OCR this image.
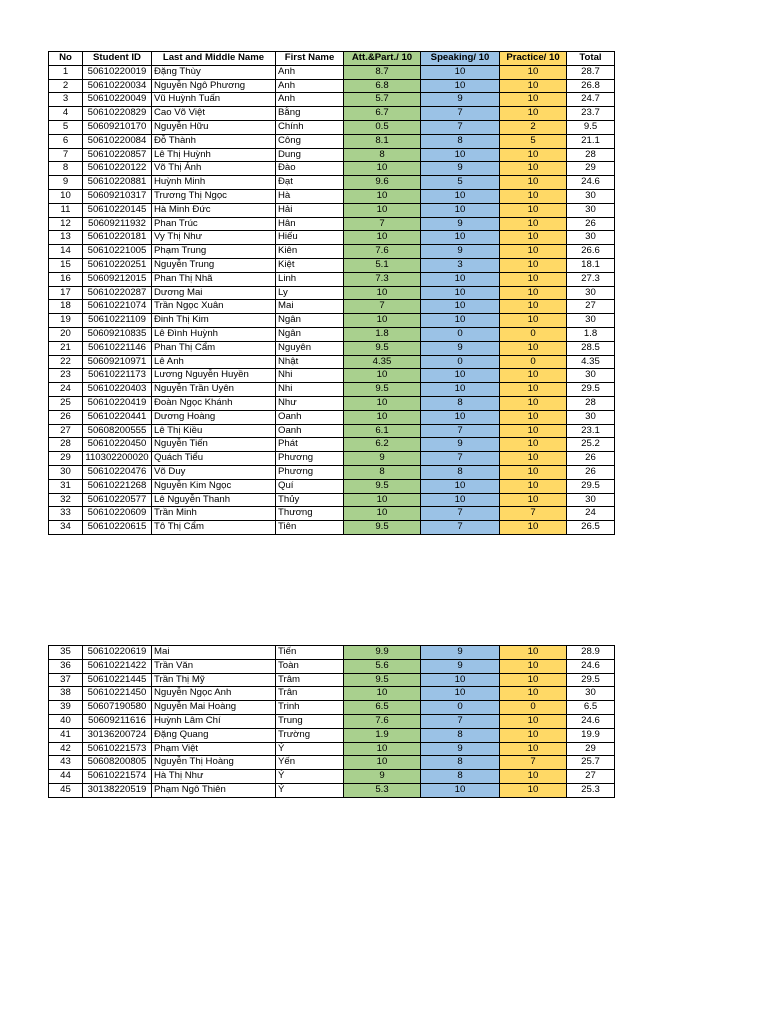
No	Student ID	Last and Middle Name	First Name	Att.&Part./ 10	Speaking/ 10	Practice/ 10	Total
1	50610220019	Đặng Thùy	Anh	8.7	10	10	28.7
2	50610220034	Nguyễn Ngô Phương	Anh	6.8	10	10	26.8
3	50610220049	Vũ Huỳnh Tuấn	Anh	5.7	9	10	24.7
4	50610220829	Cao Võ Việt	Bằng	6.7	7	10	23.7
5	50609210170	Nguyễn Hữu	Chính	0.5	7	2	9.5
6	50610220084	Đỗ Thành	Công	8.1	8	5	21.1
7	50610220857	Lê Thị Huỳnh	Dung	8	10	10	28
8	50610220122	Võ Thị Ánh	Đào	10	9	10	29
9	50610220881	Huỳnh Minh	Đạt	9.6	5	10	24.6
10	50609210317	Trương Thị Ngọc	Hà	10	10	10	30
11	50610220145	Hà Minh Đức	Hải	10	10	10	30
12	50609211932	Phan Trúc	Hân	7	9	10	26
13	50610220181	Vy Thị Như	Hiếu	10	10	10	30
14	50610221005	Phạm Trung	Kiên	7.6	9	10	26.6
15	50610220251	Nguyễn Trung	Kiệt	5.1	3	10	18.1
16	50609212015	Phan Thị Nhã	Linh	7.3	10	10	27.3
17	50610220287	Dương Mai	Ly	10	10	10	30
18	50610221074	Trần Ngọc Xuân	Mai	7	10	10	27
19	50610221109	Đinh Thị Kim	Ngân	10	10	10	30
20	50609210835	Lê Đình Huỳnh	Ngân	1.8	0	0	1.8
21	50610221146	Phan Thị Cẩm	Nguyên	9.5	9	10	28.5
22	50609210971	Lê Anh	Nhật	4.35	0	0	4.35
23	50610221173	Lương Nguyễn Huyền	Nhi	10	10	10	30
24	50610220403	Nguyễn Trần Uyên	Nhi	9.5	10	10	29.5
25	50610220419	Đoàn Ngọc Khánh	Như	10	8	10	28
26	50610220441	Dương Hoàng	Oanh	10	10	10	30
27	50608200555	Lê Thị Kiều	Oanh	6.1	7	10	23.1
28	50610220450	Nguyễn Tiến	Phát	6.2	9	10	25.2
29	110302200020	Quách Tiểu	Phương	9	7	10	26
30	50610220476	Võ Duy	Phương	8	8	10	26
31	50610221268	Nguyễn Kim Ngọc	Quí	9.5	10	10	29.5
32	50610220577	Lê Nguyễn Thanh	Thủy	10	10	10	30
33	50610220609	Trần Minh	Thương	10	7	7	24
34	50610220615	Tô Thị Cẩm	Tiên	9.5	7	10	26.5
35	50610220619	Mai	Tiến	9.9	9	10	28.9
36	50610221422	Trần Văn	Toàn	5.6	9	10	24.6
37	50610221445	Trần Thị Mỹ	Trâm	9.5	10	10	29.5
38	50610221450	Nguyễn Ngọc Anh	Trân	10	10	10	30
39	50607190580	Nguyễn Mai Hoàng	Trinh	6.5	0	0	6.5
40	50609211616	Huỳnh Lâm Chí	Trung	7.6	7	10	24.6
41	30136200724	Đặng Quang	Trường	1.9	8	10	19.9
42	50610221573	Phạm Việt	Ý	10	9	10	29
43	50608200805	Nguyễn Thị Hoàng	Yến	10	8	7	25.7
44	50610221574	Hà Thị Như	Ý	9	8	10	27
45	30138220519	Phạm Ngô Thiên	Ý	5.3	10	10	25.3
